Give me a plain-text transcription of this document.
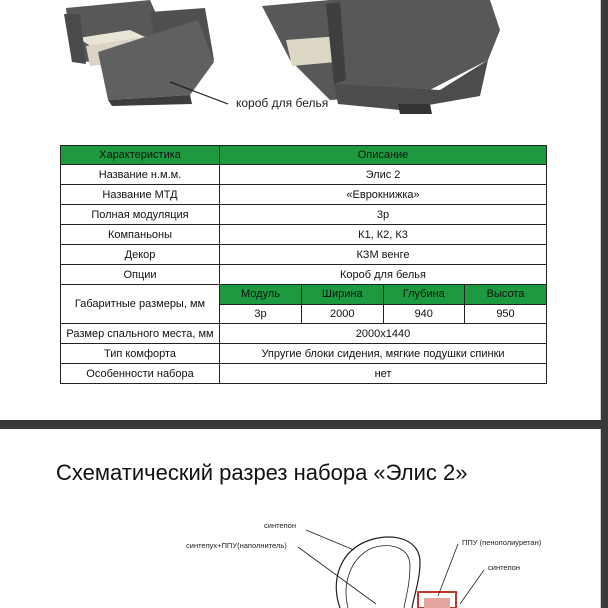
короб для белья
Характеристика	Описание
Название н.м.м.	Элис 2
Название МТД	«Еврокнижка»
Полная модуляция	3р
Компаньоны	К1, К2, К3
Декор	КЗМ венге
Опции	Короб для белья
Габаритные размеры, мм	
Модуль	Ширина	Глубина	Высота
3р	2000	940	950

Размер спального места, мм	2000x1440
Тип комфорта	Упругие блоки сидения, мягкие подушки спинки
Особенности набора	нет
Схематический разрез набора «Элис 2»
синтепон
синтепух+ППУ(наполнитель)	ППУ (пенополиуретан)
синтепон
